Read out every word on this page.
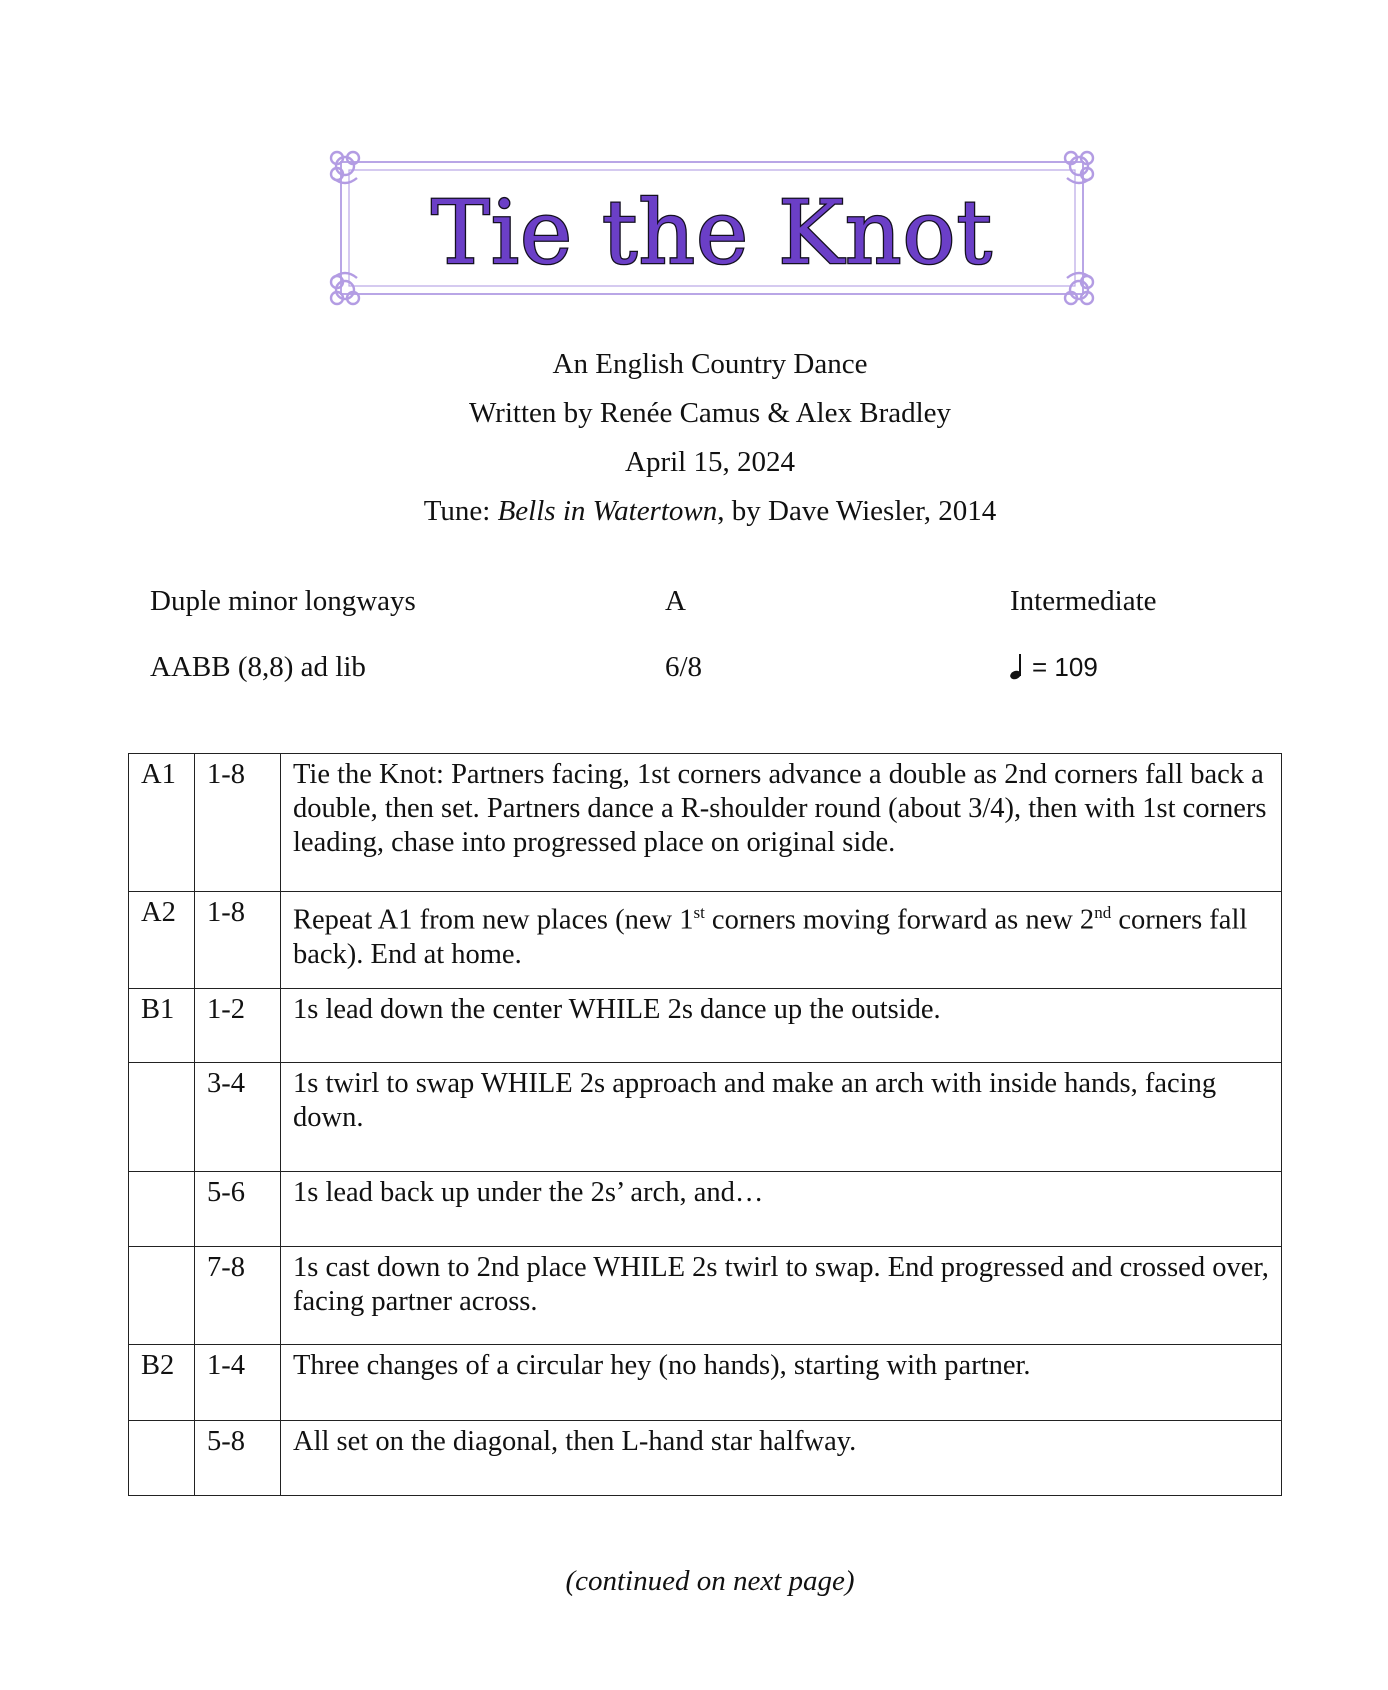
Tie the Knot
An English Country Dance
Written by Renée Camus & Alex Bradley
April 15, 2024
Tune: Bells in Watertown, by Dave Wiesler, 2014
Duple minor longways	A	Intermediate
AABB (8,8) ad lib	6/8	= 109
A1	1-8	Tie the Knot: Partners facing, 1st corners advance a double as 2nd corners fall back a double, then set. Partners dance a R-shoulder round (about 3/4), then with 1st corners leading, chase into progressed place on original side.
A2	1-8	Repeat A1 from new places (new 1st corners moving forward as new 2nd corners fall back). End at home.
B1	1-2	1s lead down the center WHILE 2s dance up the outside.
	3-4	1s twirl to swap WHILE 2s approach and make an arch with inside hands, facing down.
	5-6	1s lead back up under the 2s’ arch, and…
	7-8	1s cast down to 2nd place WHILE 2s twirl to swap. End progressed and crossed over, facing partner across.
B2	1-4	Three changes of a circular hey (no hands), starting with partner.
	5-8	All set on the diagonal, then L-hand star halfway.
(continued on next page)
